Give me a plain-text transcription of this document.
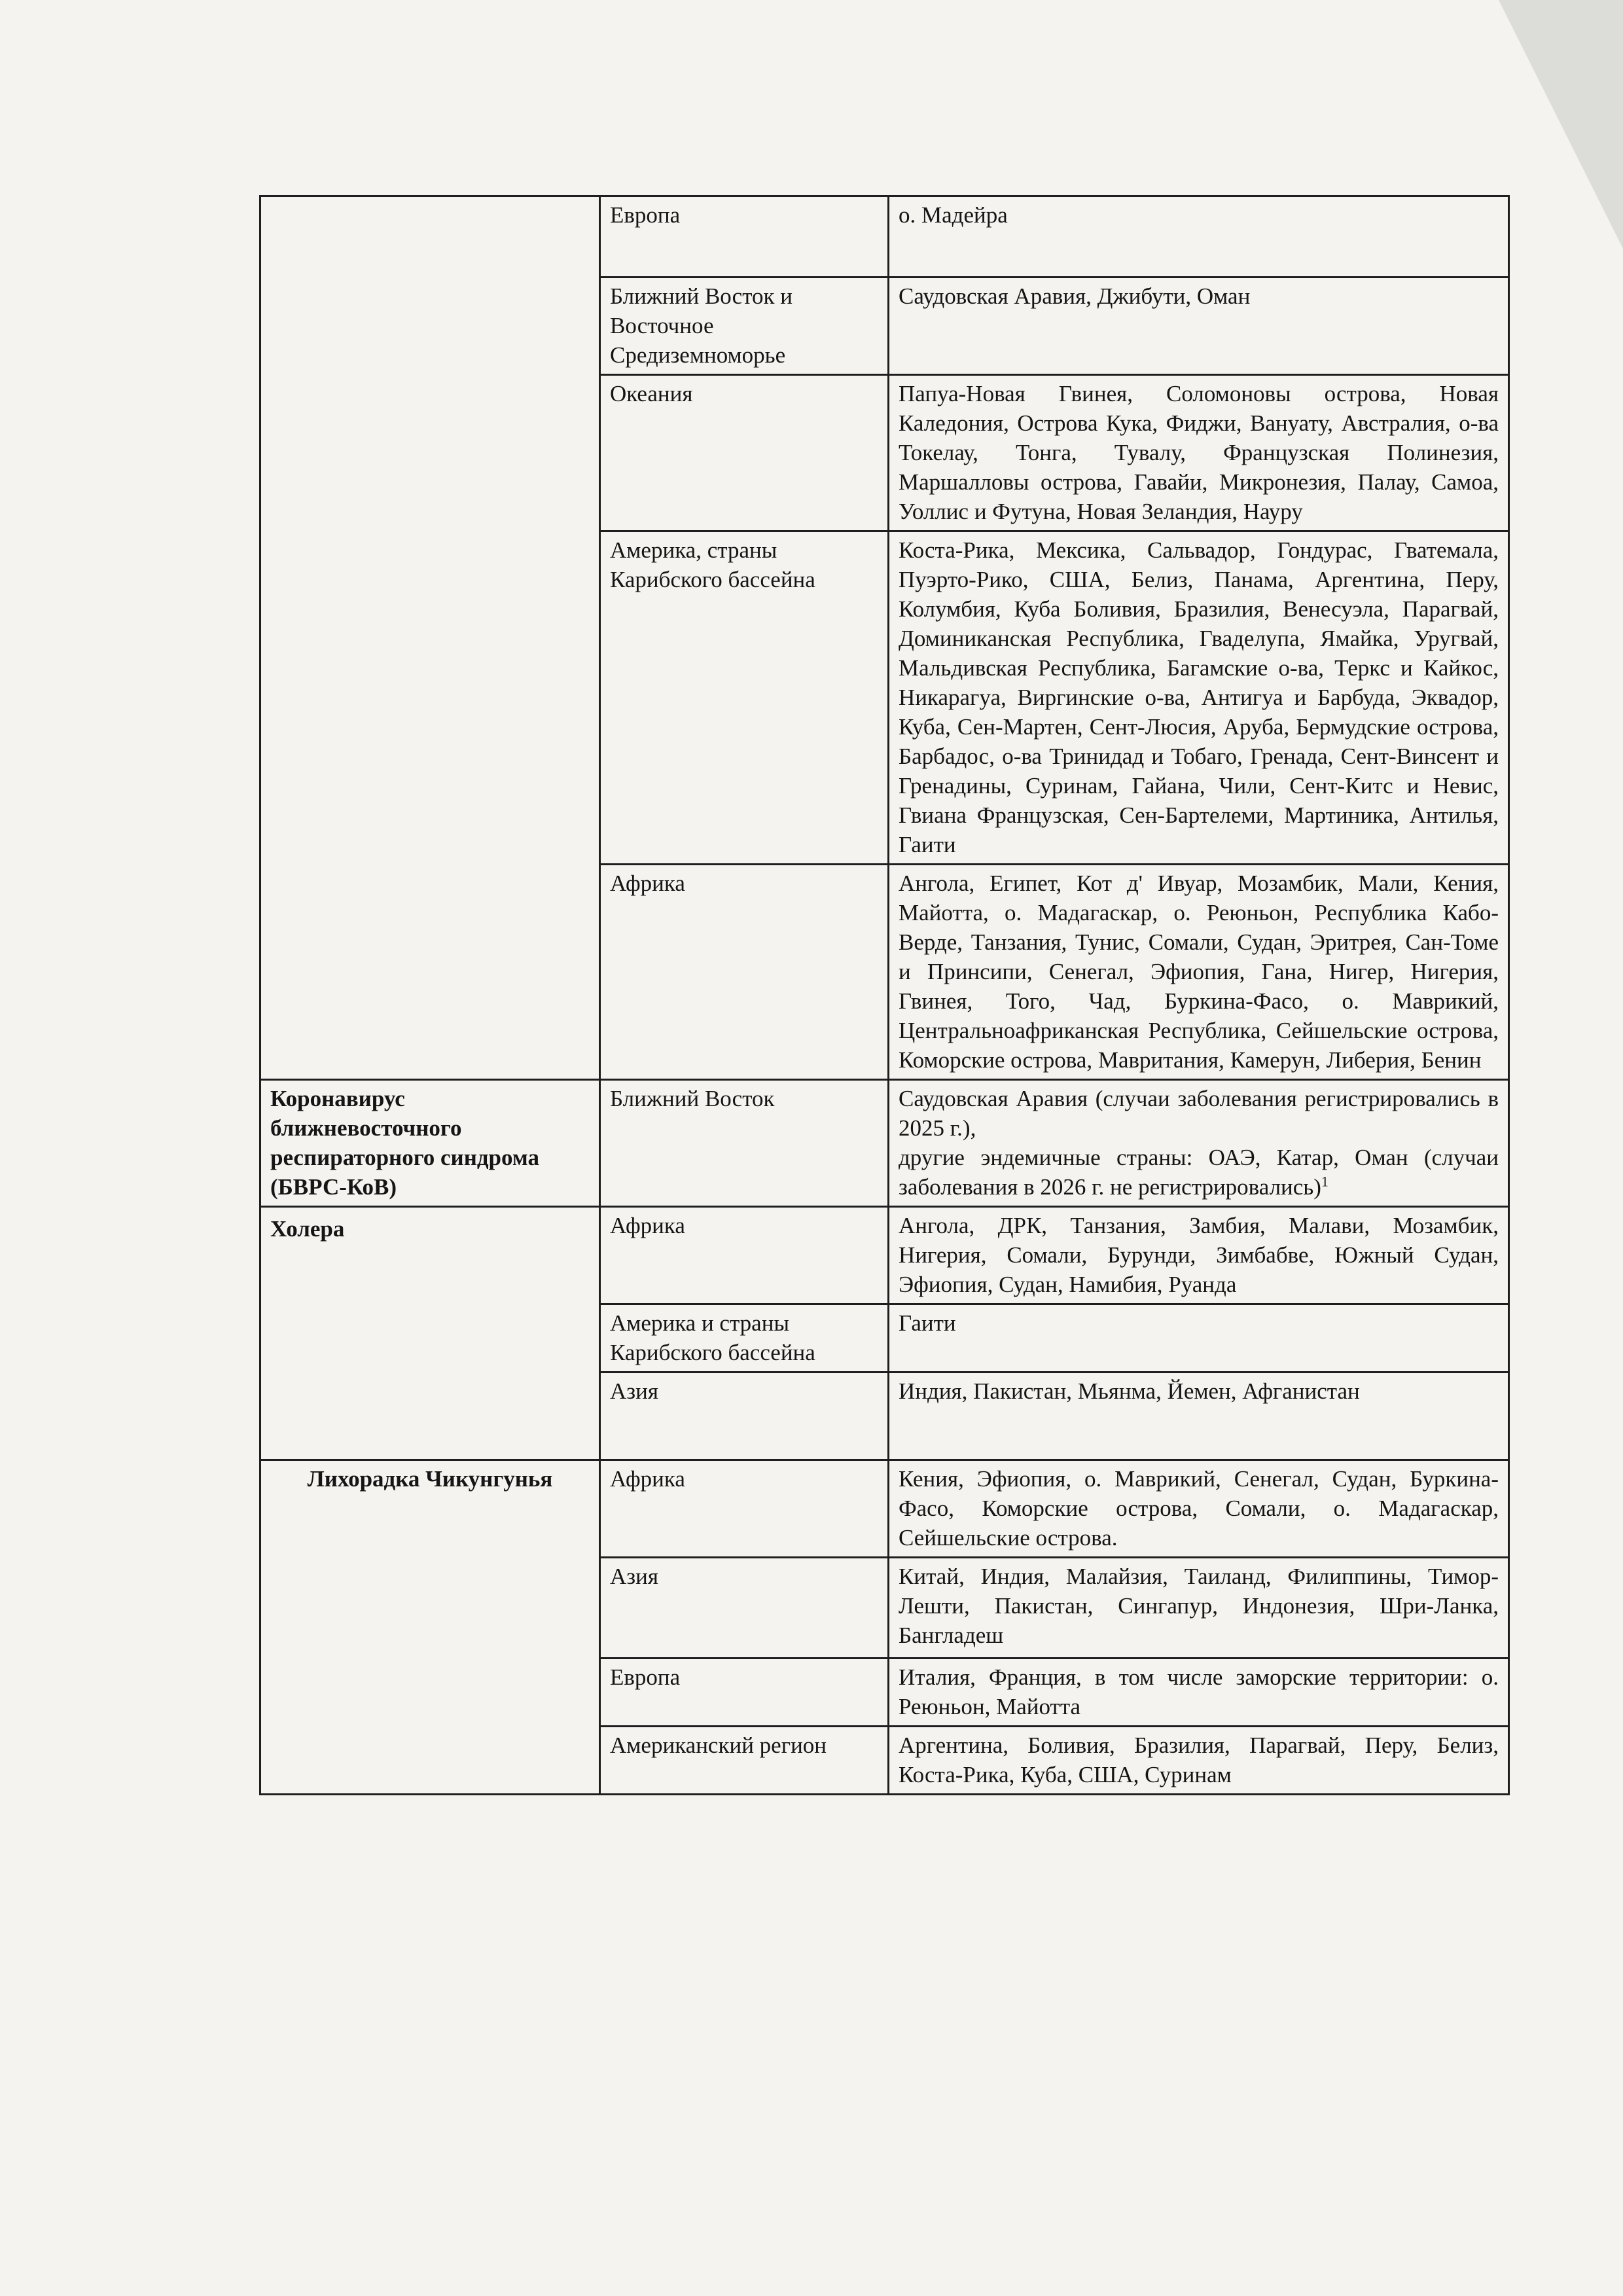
	Европа	о. Мадейра
	Ближний Восток и Восточное Средиземноморье	Саудовская Аравия, Джибути, Оман
	Океания	Папуа-Новая Гвинея, Соломоновы острова, Новая Каледония, Острова Кука, Фиджи, Вануату, Австралия, о-ва Токелау, Тонга, Тувалу, Французская Полинезия, Маршалловы острова, Гавайи, Микронезия, Палау, Самоа, Уоллис и Футуна, Новая Зеландия, Науру
	Америка, страны Карибского бассейна	Коста-Рика, Мексика, Сальвадор, Гондурас, Гватемала, Пуэрто-Рико, США, Белиз, Панама, Аргентина, Перу, Колумбия, Куба Боливия, Бразилия, Венесуэла, Парагвай, Доминиканская Республика, Гваделупа, Ямайка, Уругвай, Мальдивская Республика, Багамские о-ва, Теркс и Кайкос, Никарагуа, Виргинские о-ва, Антигуа и Барбуда, Эквадор, Куба, Сен-Мартен, Сент-Люсия, Аруба, Бермудские острова, Барбадос, о-ва Тринидад и Тобаго, Гренада, Сент-Винсент и Гренадины, Суринам, Гайана, Чили, Сент-Китс и Невис, Гвиана Французская, Сен-Бартелеми, Мартиника, Антилья, Гаити
	Африка	Ангола, Египет, Кот д' Ивуар, Мозамбик, Мали, Кения, Майотта, о. Мадагаскар, о. Реюньон, Республика Кабо-Верде, Танзания, Тунис, Сомали, Судан, Эритрея, Сан-Томе и Принсипи, Сенегал, Эфиопия, Гана, Нигер, Нигерия, Гвинея, Того, Чад, Буркина-Фасо, о. Маврикий, Центральноафриканская Республика, Сейшельские острова, Коморские острова, Мавритания, Камерун, Либерия, Бенин
Коронавирус ближневосточного респираторного синдрома (БВРС-КоВ)	Ближний Восток	Саудовская Аравия (случаи заболевания регистрировались в 2025 г.),
другие эндемичные страны: ОАЭ, Катар, Оман (случаи заболевания в 2026 г. не регистрировались)$^1$

Холера	Африка	Ангола, ДРК, Танзания, Замбия, Малави, Мозамбик, Нигерия, Сомали, Бурунди, Зимбабве, Южный Судан, Эфиопия, Судан, Намибия, Руанда
	Америка и страны Карибского бассейна	Гаити
	Азия	Индия, Пакистан, Мьянма, Йемен, Афганистан
Лихорадка Чикунгунья	Африка	Кения, Эфиопия, о. Маврикий, Сенегал, Судан, Буркина-Фасо, Коморские острова, Сомали, о. Мадагаскар, Сейшельские острова.
	Азия	Китай, Индия, Малайзия, Таиланд, Филиппины, Тимор-Лешти, Пакистан, Сингапур, Индонезия, Шри-Ланка, Бангладеш
	Европа	Италия, Франция, в том числе заморские территории: о. Реюньон, Майотта
	Американский регион	Аргентина, Боливия, Бразилия, Парагвай, Перу, Белиз, Коста-Рика, Куба, США, Суринам
